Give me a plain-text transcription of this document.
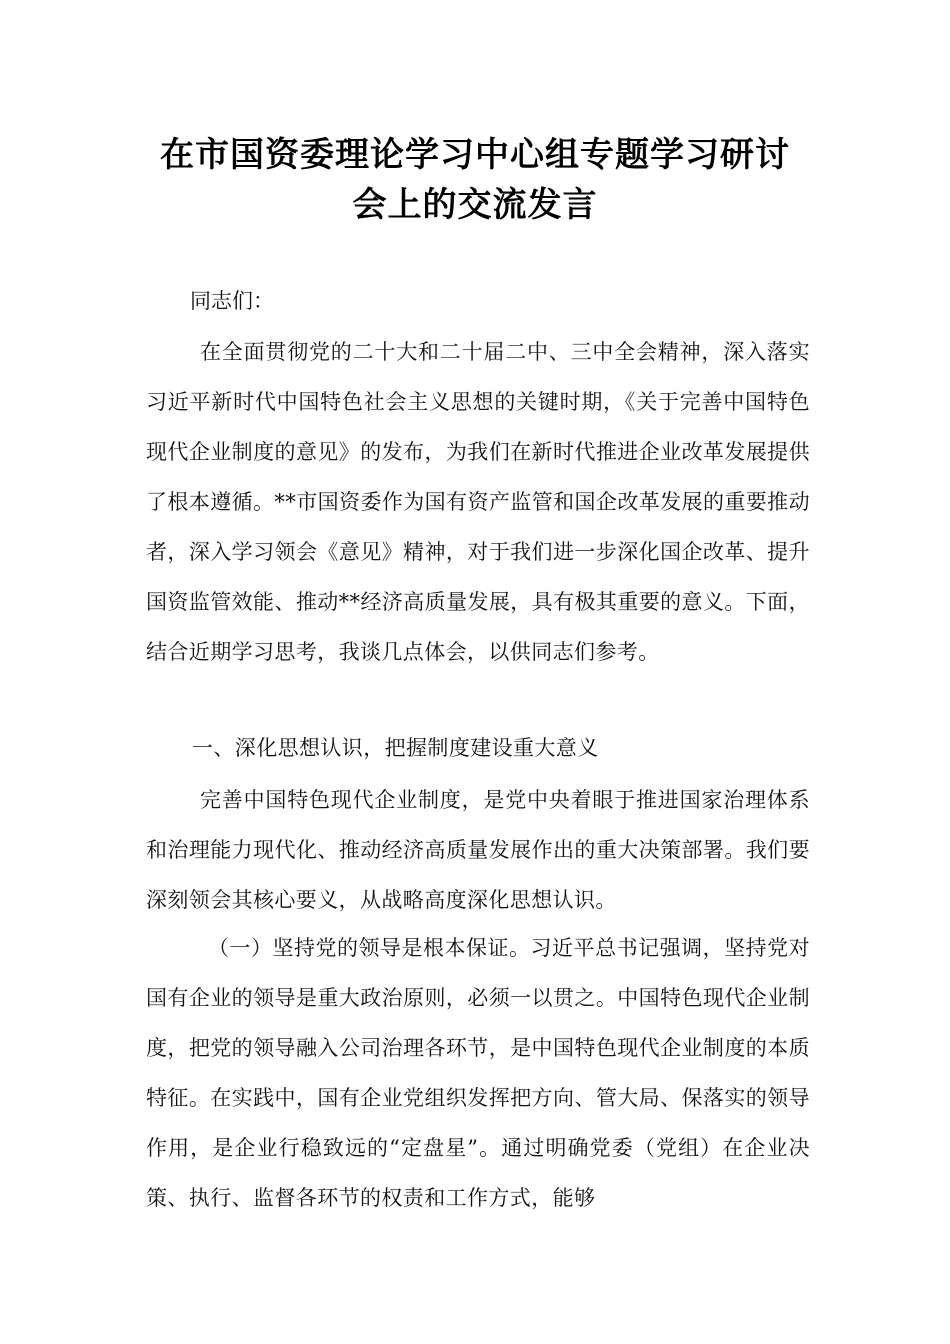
在市国资委理论学习中心组专题学习研讨
会上的交流发言
同志们：
在全面贯彻党的二十大和二十届二中、三中全会精神，深入落实习近平新时代中国特色社会主义思想的关键时期，《关于完善中国特色现代企业制度的意见》的发布，为我们在新时代推进企业改革发展提供了根本遵循。**市国资委作为国有资产监管和国企改革发展的重要推动者，深入学习领会《意见》精神，对于我们进一步深化国企改革、提升国资监管效能、推动**经济高质量发展，具有极其重要的意义。下面，结合近期学习思考，我谈几点体会，以供同志们参考。
一、深化思想认识，把握制度建设重大意义
完善中国特色现代企业制度，是党中央着眼于推进国家治理体系和治理能力现代化、推动经济高质量发展作出的重大决策部署。我们要深刻领会其核心要义，从战略高度深化思想认识。
（一）坚持党的领导是根本保证。习近平总书记强调，坚持党对国有企业的领导是重大政治原则，必须一以贯之。中国特色现代企业制度，把党的领导融入公司治理各环节，是中国特色现代企业制度的本质特征。在实践中，国有企业党组织发挥把方向、管大局、保落实的领导作用，是企业行稳致远的“定盘星”。通过明确党委（党组）在企业决策、执行、监督各环节的权责和工作方式，能够
